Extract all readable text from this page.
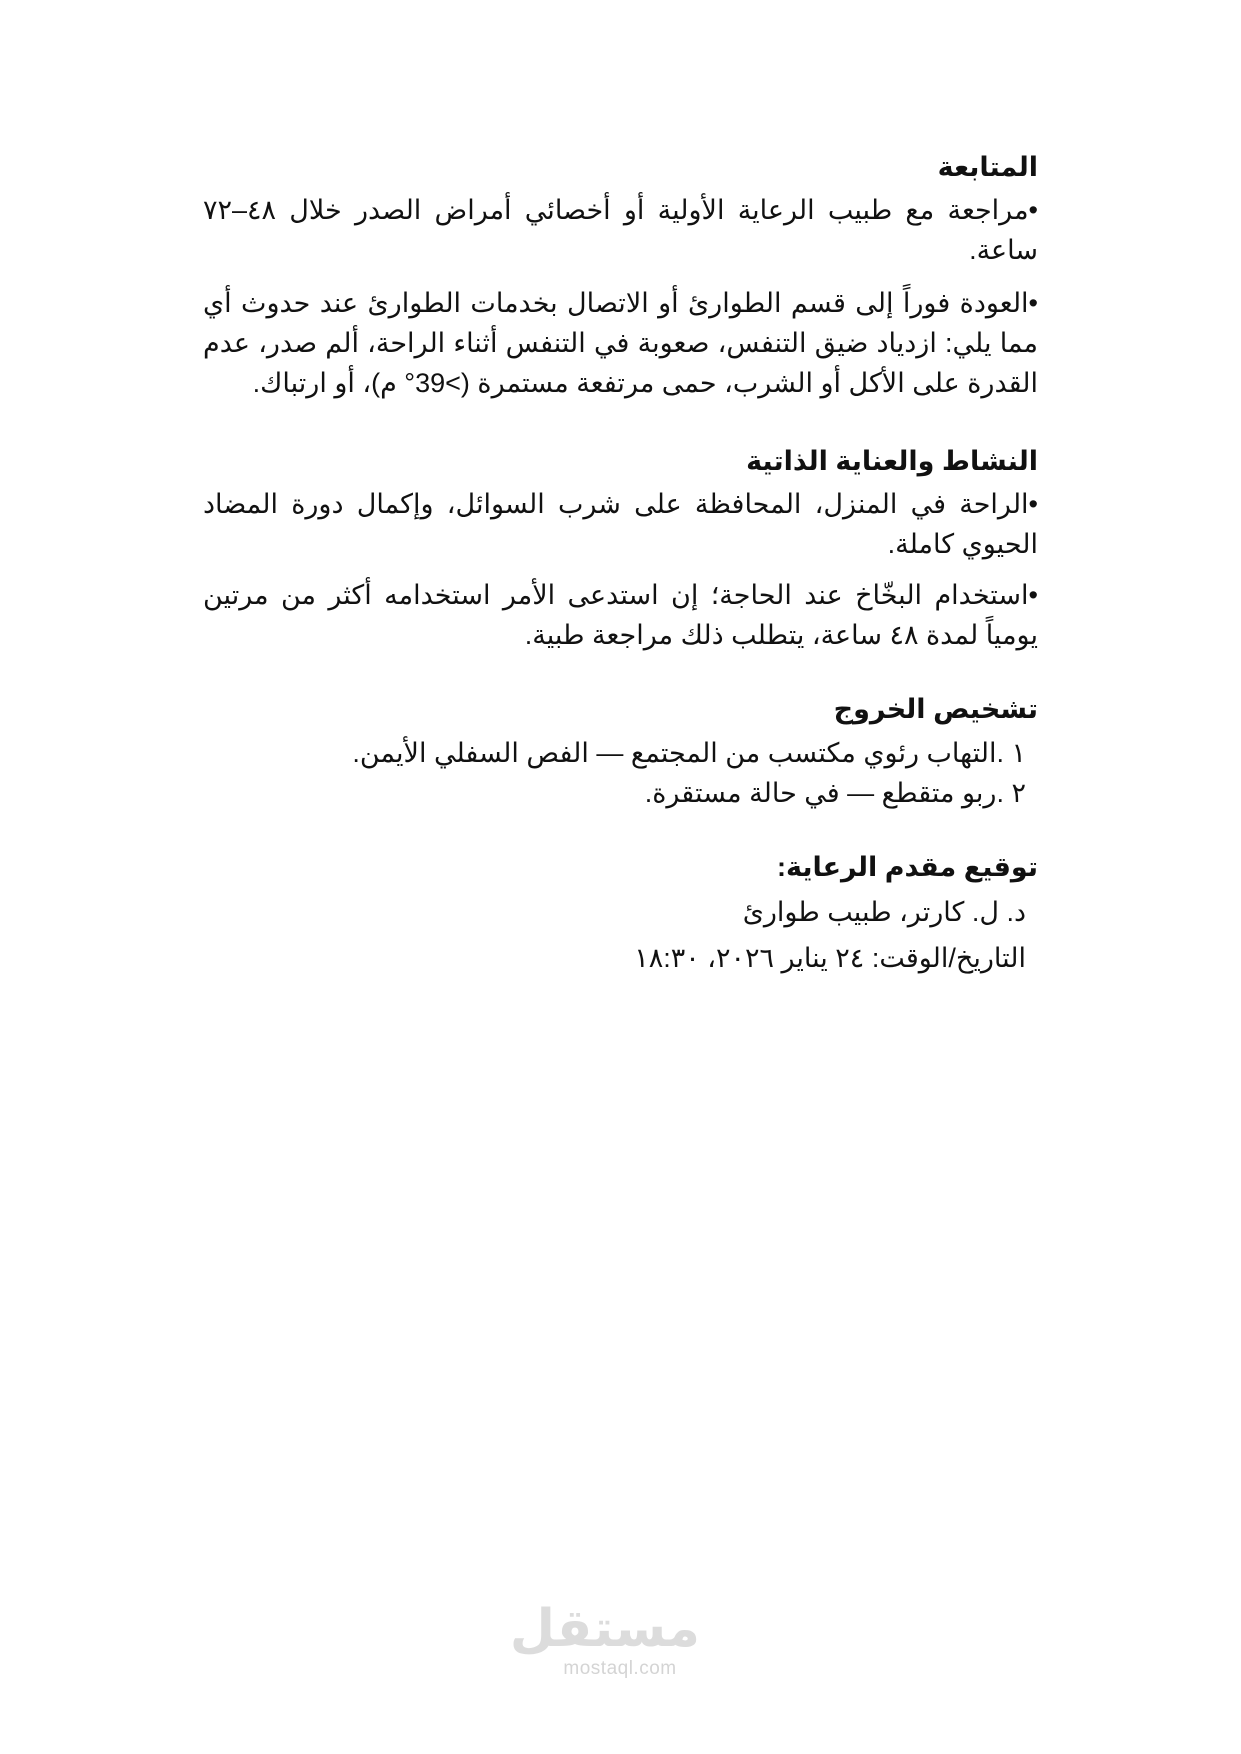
المتابعة

•مراجعة مع طبيب الرعاية الأولية أو أخصائي أمراض الصدر خلال ٤٨–٧٢ ساعة.

•العودة فوراً إلى قسم الطوارئ أو الاتصال بخدمات الطوارئ عند حدوث أي مما يلي: ازدياد ضيق التنفس، صعوبة في التنفس أثناء الراحة، ألم صدر، عدم القدرة على الأكل أو الشرب، حمى مرتفعة مستمرة (>39° م)، أو ارتباك.

النشاط والعناية الذاتية

•الراحة في المنزل، المحافظة على شرب السوائل، وإكمال دورة المضاد الحيوي كاملة.

•استخدام البخّاخ عند الحاجة؛ إن استدعى الأمر استخدامه أكثر من مرتين يومياً لمدة ٤٨ ساعة، يتطلب ذلك مراجعة طبية.

تشخيص الخروج
١ .التهاب رئوي مكتسب من المجتمع — الفص السفلي الأيمن.
٢ .ربو متقطع — في حالة مستقرة.
توقيع مقدم الرعاية:
د. ل. كارتر، طبيب طوارئ
التاريخ/الوقت: ٢٤ يناير ٢٠٢٦، ١٨:٣٠
مستقل
mostaql.com
